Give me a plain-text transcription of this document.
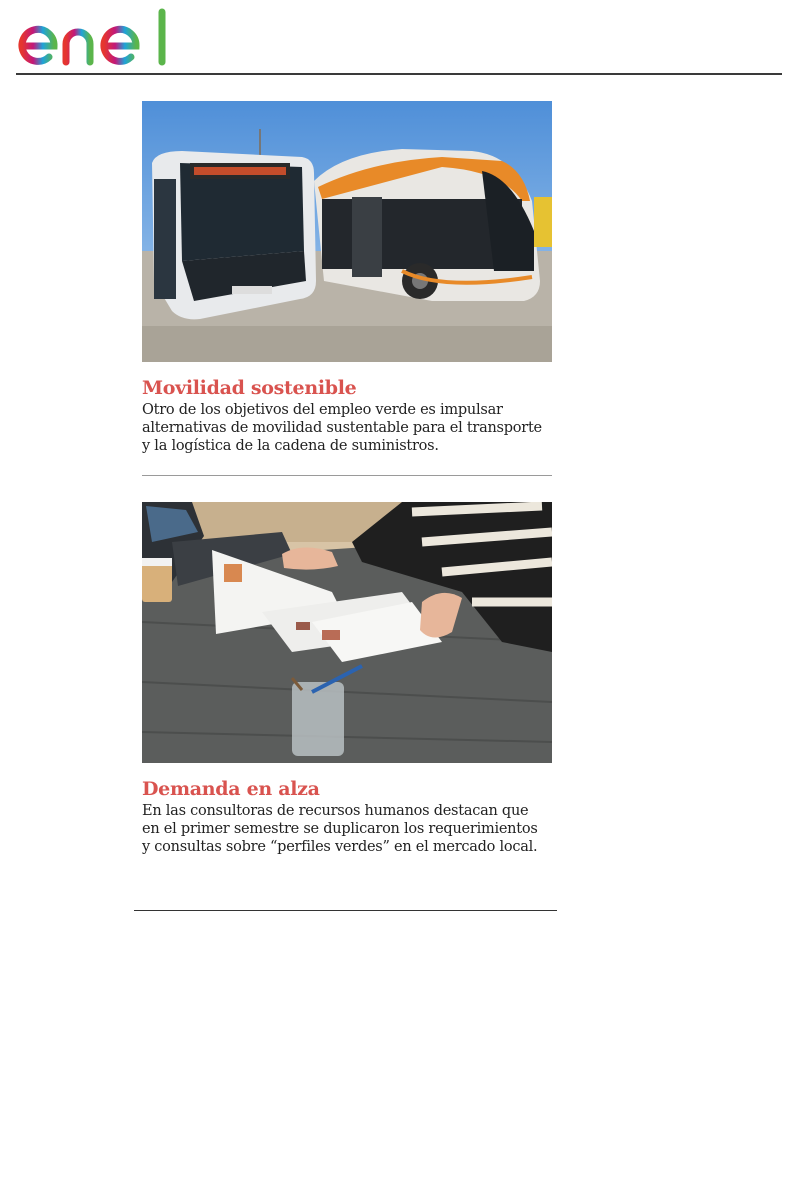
Movilidad sostenible

Otro de los objetivos del empleo verde es impulsar
alternativas de movilidad sustentable para el transporte
y la logística de la cadena de suministros.

Demanda en alza

En las consultoras de recursos humanos destacan que
en el primer semestre se duplicaron los requerimientos
y consultas sobre “perfiles verdes” en el mercado local.
